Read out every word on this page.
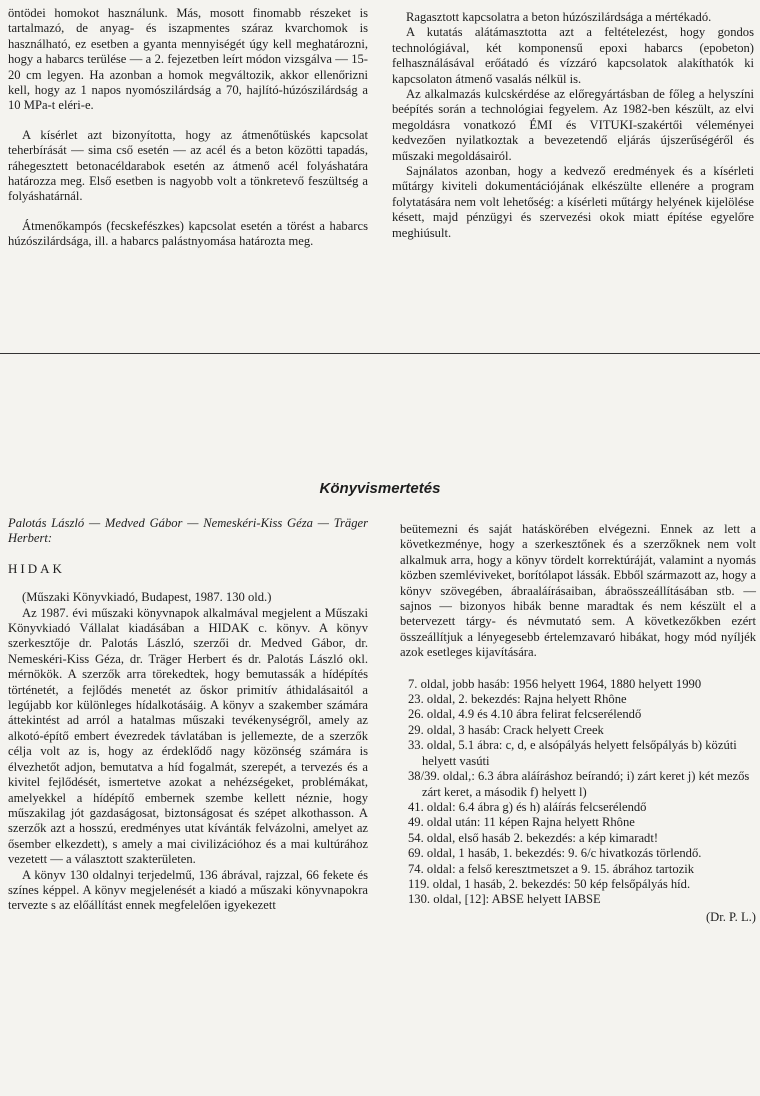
öntödei homokot használunk. Más, mosott finomabb részeket is tartalmazó, de anyag- és iszapmentes száraz kvarchomok is használható, ez esetben a gyanta mennyiségét úgy kell meghatározni, hogy a habarcs terülése — a 2. fejezetben leírt módon vizsgálva — 15-20 cm legyen. Ha azonban a homok megváltozik, akkor ellenőrizni kell, hogy az 1 napos nyomószilárdság a 70, hajlító-húzószilárdság a 10 MPa-t eléri-e.

A kísérlet azt bizonyította, hogy az átmenőtüskés kapcsolat teherbírását — sima cső esetén — az acél és a beton közötti tapadás, ráhegesztett betonacéldarabok esetén az átmenő acél folyáshatára határozza meg. Első esetben is nagyobb volt a tönkretevő feszültség a folyáshatárnál.

Átmenőkampós (fecskefészkes) kapcsolat esetén a törést a habarcs húzószilárdsága, ill. a habarcs palástnyomása határozta meg.

Ragasztott kapcsolatra a beton húzószilárdsága a mértékadó.

A kutatás alátámasztotta azt a feltételezést, hogy gondos technológiával, két komponensű epoxi habarcs (epobeton) felhasználásával erőátadó és vízzáró kapcsolatok alakíthatók ki kapcsolaton átmenő vasalás nélkül is.

Az alkalmazás kulcskérdése az előregyártásban de főleg a helyszíni beépítés során a technológiai fegyelem. Az 1982-ben készült, az elvi megoldásra vonatkozó ÉMI és VITUKI-szakértői véleményei kedvezően nyilatkoztak a bevezetendő eljárás újszerűségéről és műszaki megoldásairól.

Sajnálatos azonban, hogy a kedvező eredmények és a kísérleti műtárgy kiviteli dokumentációjának elkészülte ellenére a program folytatására nem volt lehetőség: a kísérleti műtárgy helyének kijelölése késett, majd pénzügyi és szervezési okok miatt építése egyelőre meghiúsult.

Könyvismertetés

Palotás László — Medved Gábor — Nemeskéri-Kiss Géza — Träger Herbert:

HIDAK

(Műszaki Könyvkiadó, Budapest, 1987. 130 old.)

Az 1987. évi műszaki könyvnapok alkalmával megjelent a Műszaki Könyvkiadó Vállalat kiadásában a HIDAK c. könyv. A könyv szerkesztője dr. Palotás László, szerzői dr. Medved Gábor, dr. Nemeskéri-Kiss Géza, dr. Träger Herbert és dr. Palotás László okl. mérnökök. A szerzők arra törekedtek, hogy bemutassák a hídépítés történetét, a fejlődés menetét az őskor primitív áthidalásaitól a legújabb kor különleges hídalkotásáig. A könyv a szakember számára áttekintést ad arról a hatalmas műszaki tevékenységről, amely az alkotó-építő embert évezredek távlatában is jellemezte, de a szerzők célja volt az is, hogy az érdeklődő nagy közönség számára is élvezhetőt adjon, bemutatva a híd fogalmát, szerepét, a tervezés és a kivitel fejlődését, ismertetve azokat a nehézségeket, problémákat, amelyekkel a hídépítő embernek szembe kellett néznie, hogy műszakilag jót gazdaságosat, biztonságosat és szépet alkothasson. A szerzők azt a hosszú, eredményes utat kívánták felvázolni, amelyet az ősember elkezdett), s amely a mai civilizációhoz és a mai kultúrához vezetett — a választott szakterületen.

A könyv 130 oldalnyi terjedelmű, 136 ábrával, rajzzal, 66 fekete és színes képpel. A könyv megjelenését a kiadó a műszaki könyvnapokra tervezte s az előállítást ennek megfelelően igyekezett

beütemezni és saját hatáskörében elvégezni. Ennek az lett a következménye, hogy a szerkesztőnek és a szerzőknek nem volt alkalmuk arra, hogy a könyv tördelt korrektúráját, valamint a nyomás közben szemléviveket, borítólapot lássák. Ebből származott az, hogy a könyv szövegében, ábraaláírásaiban, ábraösszeállításában stb. — sajnos — bizonyos hibák benne maradtak és nem készült el a betervezett tárgy- és névmutató sem. A következőkben ezért összeállítjuk a lényegesebb értelemzavaró hibákat, hogy mód nyíljék azok esetleges kijavítására.

7. oldal, jobb hasáb: 1956 helyett 1964, 1880 helyett 1990
23. oldal, 2. bekezdés: Rajna helyett Rhône
26. oldal, 4.9 és 4.10 ábra felirat felcserélendő
29. oldal, 3 hasáb: Crack helyett Creek
33. oldal, 5.1 ábra: c, d, e alsópályás helyett felsőpályás b) közúti helyett vasúti
38/39. oldal,: 6.3 ábra aláíráshoz beírandó; i) zárt keret j) két mezős zárt keret, a második f) helyett l)
41. oldal: 6.4 ábra g) és h) aláírás felcserélendő
49. oldal után: 11 képen Rajna helyett Rhône
54. oldal, első hasáb 2. bekezdés: a kép kimaradt!
69. oldal, 1 hasáb, 1. bekezdés: 9. 6/c hivatkozás törlendő.
74. oldal: a felső keresztmetszet a 9. 15. ábrához tartozik
119. oldal, 1 hasáb, 2. bekezdés: 50 kép felsőpályás híd.
130. oldal, [12]: ABSE helyett IABSE
(Dr. P. L.)
